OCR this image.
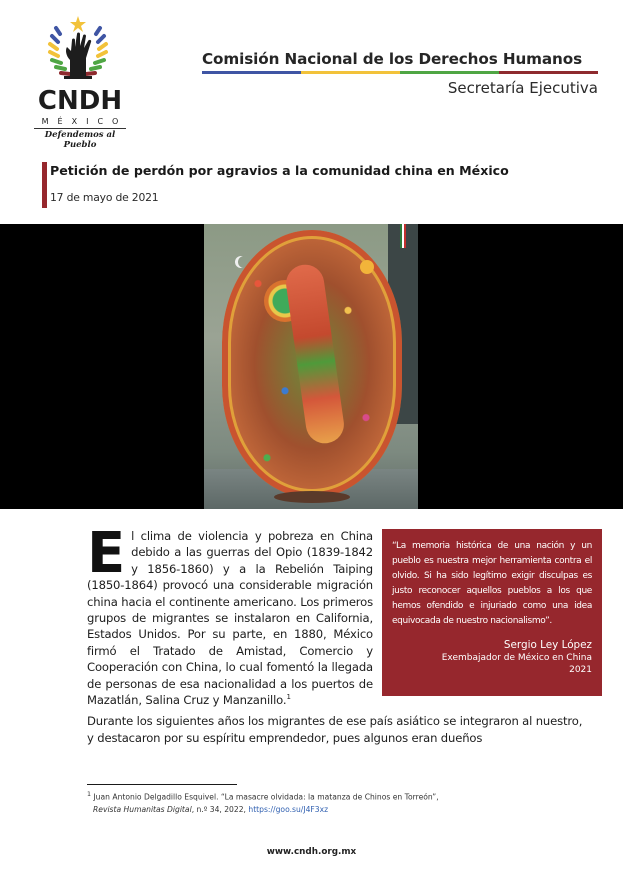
CNDH
MÉXICO
Defendemos al Pueblo
Comisión Nacional de los Derechos Humanos
Secretaría Ejecutiva
Petición de perdón por agravios a la comunidad china en México
17 de mayo de 2021
El clima de violencia y pobreza en China debido a las guerras del Opio (1839-1842 y 1856-1860) y a la Rebelión Taiping (1850-1864) provocó una considerable migración china hacia el continente americano. Los primeros grupos de migrantes se instalaron en California, Estados Unidos. Por su parte, en 1880, México firmó el Tratado de Amistad, Comercio y Cooperación con China, lo cual fomentó la llegada de personas de esa nacionalidad a los puertos de Mazatlán, Salina Cruz y Manzanillo.$^1$
“La memoria histórica de una nación y un pueblo es nuestra mejor herramienta contra el olvido. Si ha sido legítimo exigir disculpas es justo reconocer aquellos pueblos a los que hemos ofendido e injuriado como una idea equivocada de nuestro nacionalismo”.
Sergio Ley López
Exembajador de México en China
2021
Durante los siguientes años los migrantes de ese país asiático se integraron al nuestro, y destacaron por su espíritu emprendedor, pues algunos eran dueños
$^1$ Juan Antonio Delgadillo Esquivel. “La masacre olvidada: la matanza de Chinos en Torreón”,
Revista Humanitas Digital, n.º 34, 2022, https://goo.su/J4F3xz
www.cndh.org.mx
